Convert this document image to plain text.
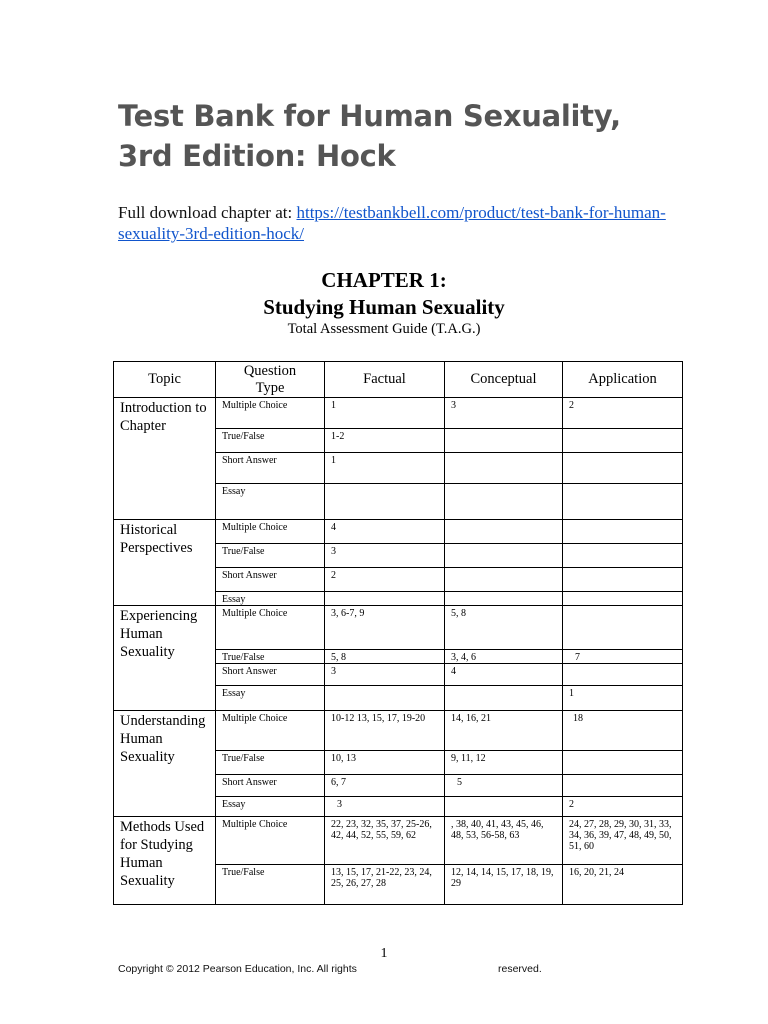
Test Bank for Human Sexuality, 3rd Edition: Hock
Full download chapter at: https://testbankbell.com/product/test-bank-for-human-sexuality-3rd-edition-hock/
CHAPTER 1:
Studying Human Sexuality
Total Assessment Guide (T.A.G.)
Topic	Question Type	Factual	Conceptual	Application
Introduction to Chapter	Multiple Choice	1	3	2
	True/False	1-2		
	Short Answer	1		
	Essay			
Historical Perspectives	Multiple Choice	4		
	True/False	3		
	Short Answer	2		
	Essay			
Experiencing Human Sexuality	Multiple Choice	3, 6-7, 9	5, 8	
	True/False	5, 8	3, 4, 6	7
	Short Answer	3	4	
	Essay			1
Understanding Human Sexuality	Multiple Choice	10-12 13, 15, 17, 19-20	14, 16, 21	18
	True/False	10, 13	9, 11, 12	
	Short Answer	6, 7	5	
	Essay	3		2
Methods Used for Studying Human Sexuality	Multiple Choice	22, 23, 32, 35, 37, 25-26, 42, 44, 52, 55, 59, 62	, 38, 40, 41, 43, 45, 46, 48, 53, 56-58, 63	24, 27, 28, 29, 30, 31, 33, 34, 36, 39, 47, 48, 49, 50, 51, 60
	True/False	13, 15, 17, 21-22, 23, 24, 25, 26, 27, 28	12, 14, 14, 15, 17, 18, 19, 29	16, 20, 21, 24
1
Copyright © 2012 Pearson Education, Inc. All rights	reserved.
